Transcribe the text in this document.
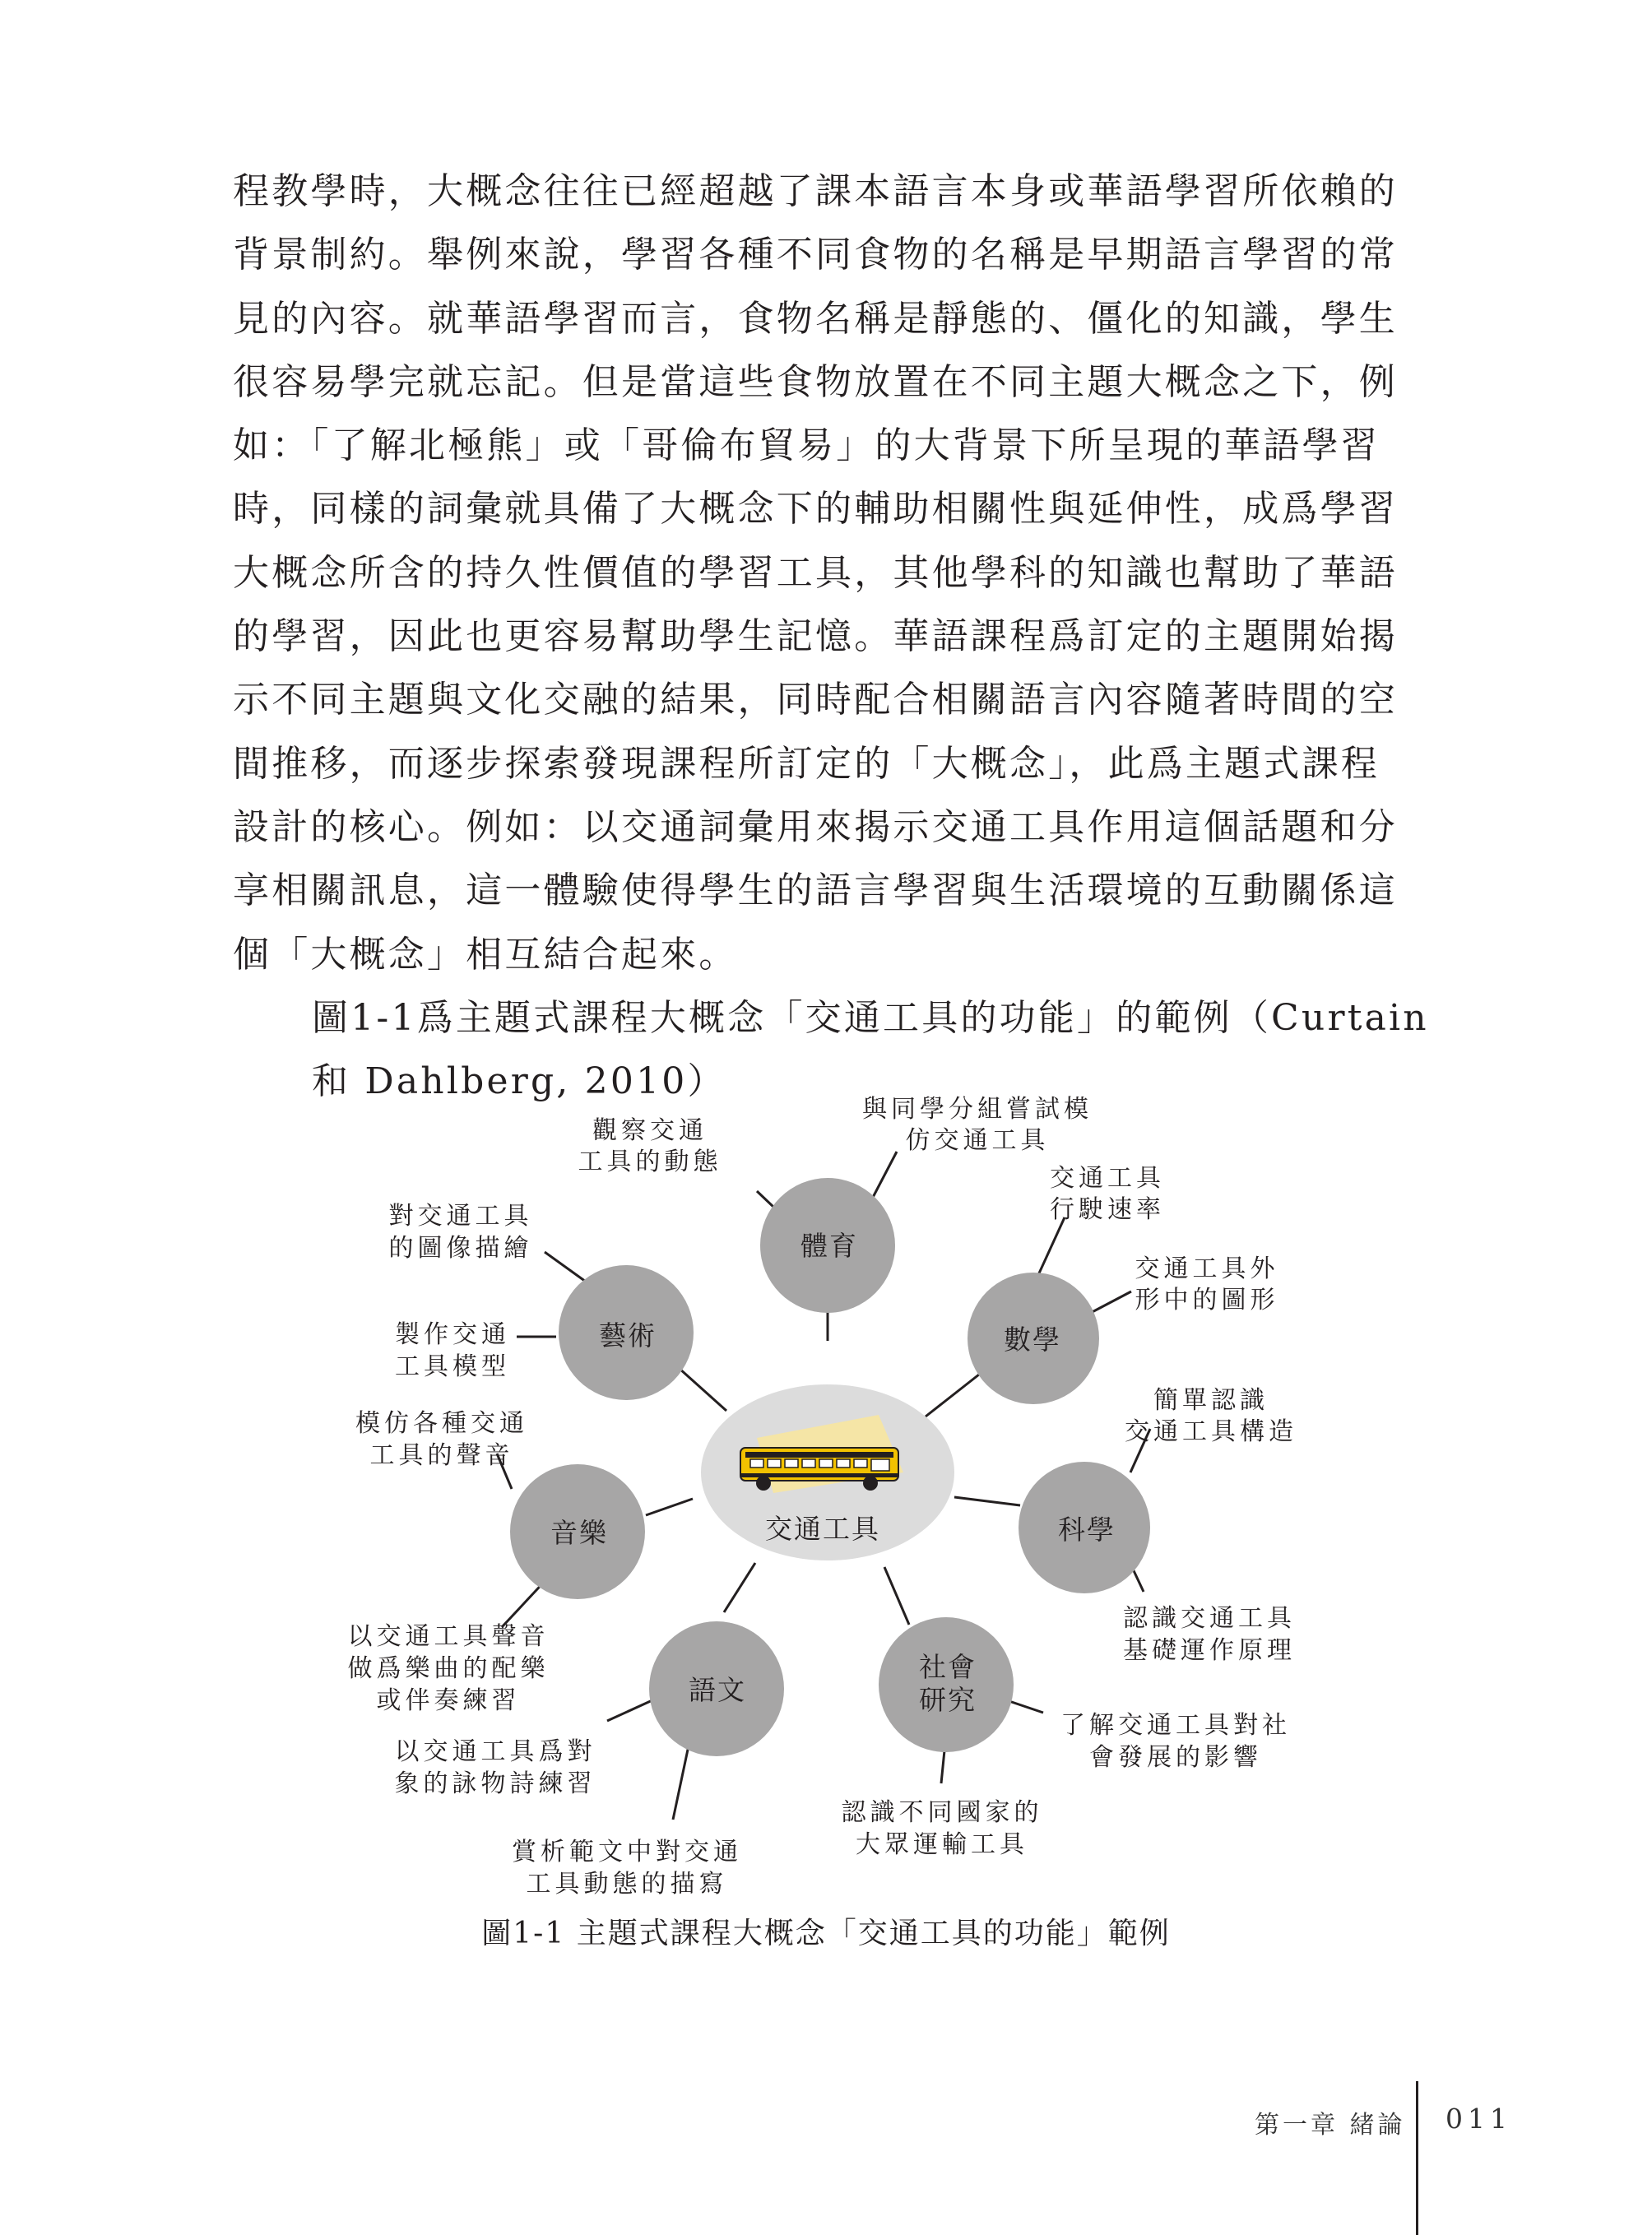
程教學時，大概念往往已經超越了課本語言本身或華語學習所依賴的
背景制約。舉例來說，學習各種不同食物的名稱是早期語言學習的常
見的內容。就華語學習而言，食物名稱是靜態的、僵化的知識，學生
很容易學完就忘記。但是當這些食物放置在不同主題大概念之下，例
如：「了解北極熊」或「哥倫布貿易」的大背景下所呈現的華語學習
時，同樣的詞彙就具備了大概念下的輔助相關性與延伸性，成爲學習
大概念所含的持久性價值的學習工具，其他學科的知識也幫助了華語
的學習，因此也更容易幫助學生記憶。華語課程爲訂定的主題開始揭
示不同主題與文化交融的結果，同時配合相關語言內容隨著時間的空
間推移，而逐步探索發現課程所訂定的「大概念」，此爲主題式課程
設計的核心。例如：以交通詞彙用來揭示交通工具作用這個話題和分
享相關訊息，這一體驗使得學生的語言學習與生活環境的互動關係這
個「大概念」相互結合起來。

圖1-1爲主題式課程大概念「交通工具的功能」的範例（Curtain
和 Dahlberg, 2010）

交通工具
體育
數學
藝術
音樂	科學
語文
社會
研究
觀察交通
工具的動態
與同學分組嘗試模
仿交通工具
交通工具
行駛速率
交通工具外
形中的圖形
對交通工具
的圖像描繪
製作交通
工具模型
模仿各種交通
工具的聲音
簡單認識
交通工具構造
認識交通工具
基礎運作原理
以交通工具聲音
做爲樂曲的配樂
或伴奏練習
以交通工具爲對
象的詠物詩練習
了解交通工具對社
會發展的影響
認識不同國家的
大眾運輸工具
賞析範文中對交通
工具動態的描寫
圖1-1 主題式課程大概念「交通工具的功能」範例
第一章 緒論 011
